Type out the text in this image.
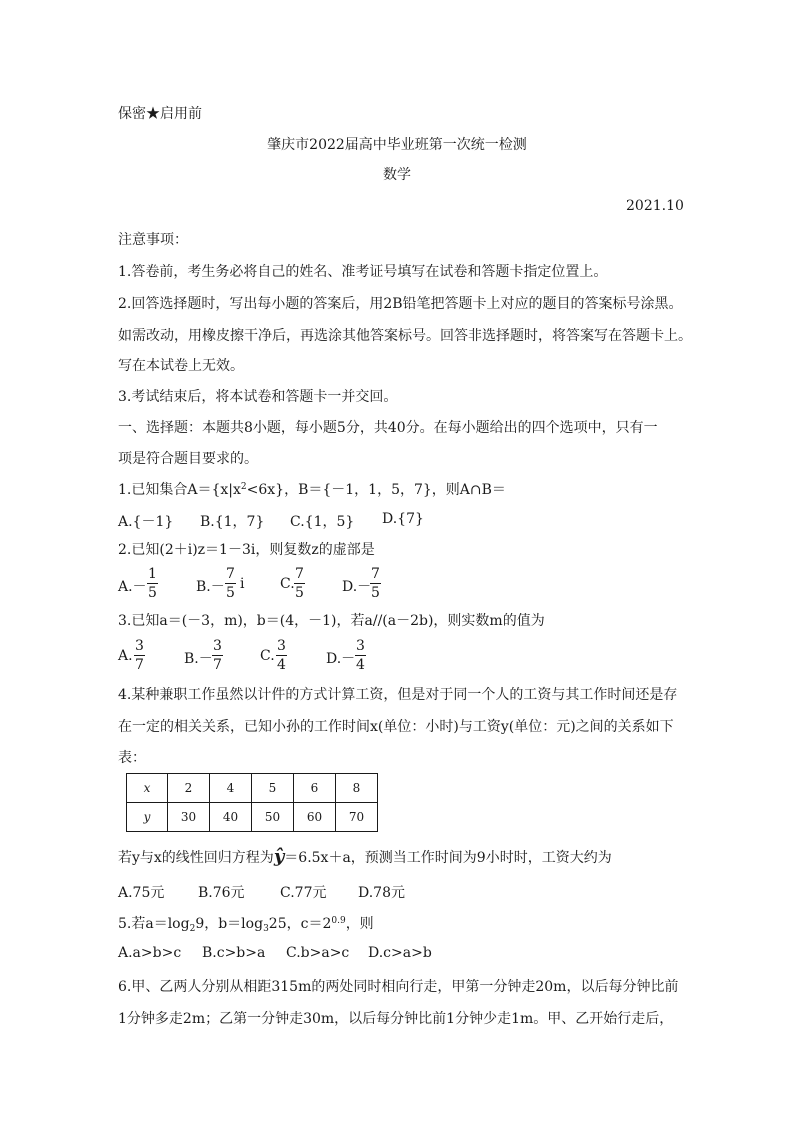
保密★启用前
肇庆市2022届高中毕业班第一次统一检测
数学
2021.10
注意事项：
1.答卷前，考生务必将自己的姓名、准考证号填写在试卷和答题卡指定位置上。
2.回答选择题时，写出每小题的答案后，用2B铅笔把答题卡上对应的题目的答案标号涂黑。
如需改动，用橡皮擦干净后，再选涂其他答案标号。回答非选择题时，将答案写在答题卡上。
写在本试卷上无效。
3.考试结束后，将本试卷和答题卡一并交回。
一、选择题：本题共8小题，每小题5分，共40分。在每小题给出的四个选项中，只有一
项是符合题目要求的。
1.已知集合$A=\{x|x^2<6x\}$，B＝{－1，1，5，7}，则A∩B＝
A.{－1} B.{1，7} C.{1，5} D.{7}
2.已知(2＋i)z＝1－3i，则复数z的虚部是
A.－
1
5	B.－
7
5
i	C.
7
5	D.－
7
5
3.已知a＝(－3，m)，b＝(4，－1)，若a//(a－2b)，则实数m的值为
A.
3
7	B.－
3
7
C.
3
4	D.－
3
4
4.某种兼职工作虽然以计件的方式计算工资，但是对于同一个人的工资与其工作时间还是存
在一定的相关关系，已知小孙的工作时间x(单位：小时)与工资y(单位：元)之间的关系如下
表：
x	2	4	5	6	8
y	30	40	50	60	70
若y与x的线性回归方程为ŷ＝6.5x＋a，预测当工作时间为9小时时，工资大约为
A.75元 B.76元	C.77元 D.78元
5.若$a=\log_29$，$b=\log_325$，$c=2^{0.9}$，则
A.a>b>c B.c>b>a C.b>a>c D.c>a>b
6.甲、乙两人分别从相距315m的两处同时相向行走，甲第一分钟走20m，以后每分钟比前
1分钟多走2m；乙第一分钟走30m，以后每分钟比前1分钟少走1m。甲、乙开始行走后，
